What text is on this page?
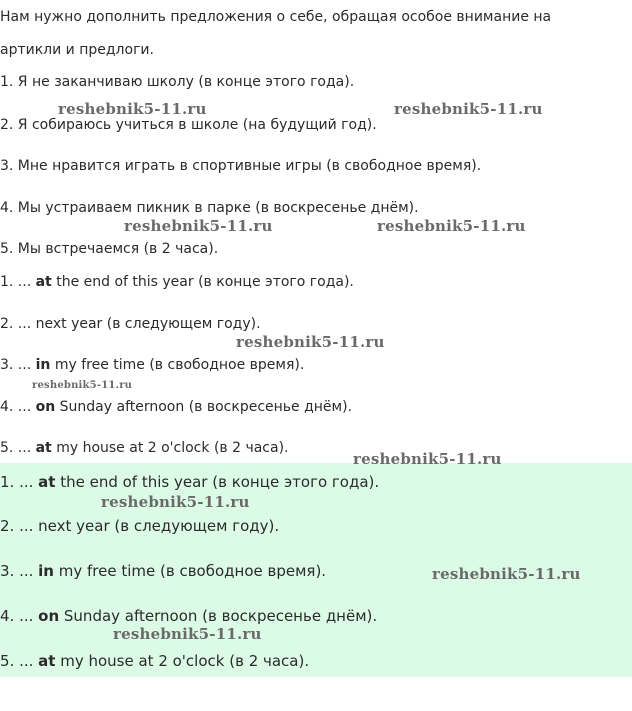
Нам нужно дополнить предложения о себе, обращая особое внимание на
артикли и предлоги.
1. Я не заканчиваю школу (в конце этого года).
2. Я собираюсь учиться в школе (на будущий год).
3. Мне нравится играть в спортивные игры (в свободное время).
4. Мы устраиваем пикник в парке (в воскресенье днём).
5. Мы встречаемся (в 2 часа).
1. ... at the end of this year (в конце этого года).
2. ... next year (в следующем году).
3. ... in my free time (в свободное время).
4. ... on Sunday afternoon (в воскресенье днём).
5. ... at my house at 2 o'clock (в 2 часа).
1. ... at the end of this year (в конце этого года).
2. ... next year (в следующем году).
3. ... in my free time (в свободное время).
4. ... on Sunday afternoon (в воскресенье днём).
5. ... at my house at 2 o'clock (в 2 часа).
reshebnik5-11.ru	reshebnik5-11.ru
reshebnik5-11.ru	reshebnik5-11.ru
reshebnik5-11.ru
reshebnik5-11.ru
reshebnik5-11.ru
reshebnik5-11.ru
reshebnik5-11.ru
reshebnik5-11.ru
